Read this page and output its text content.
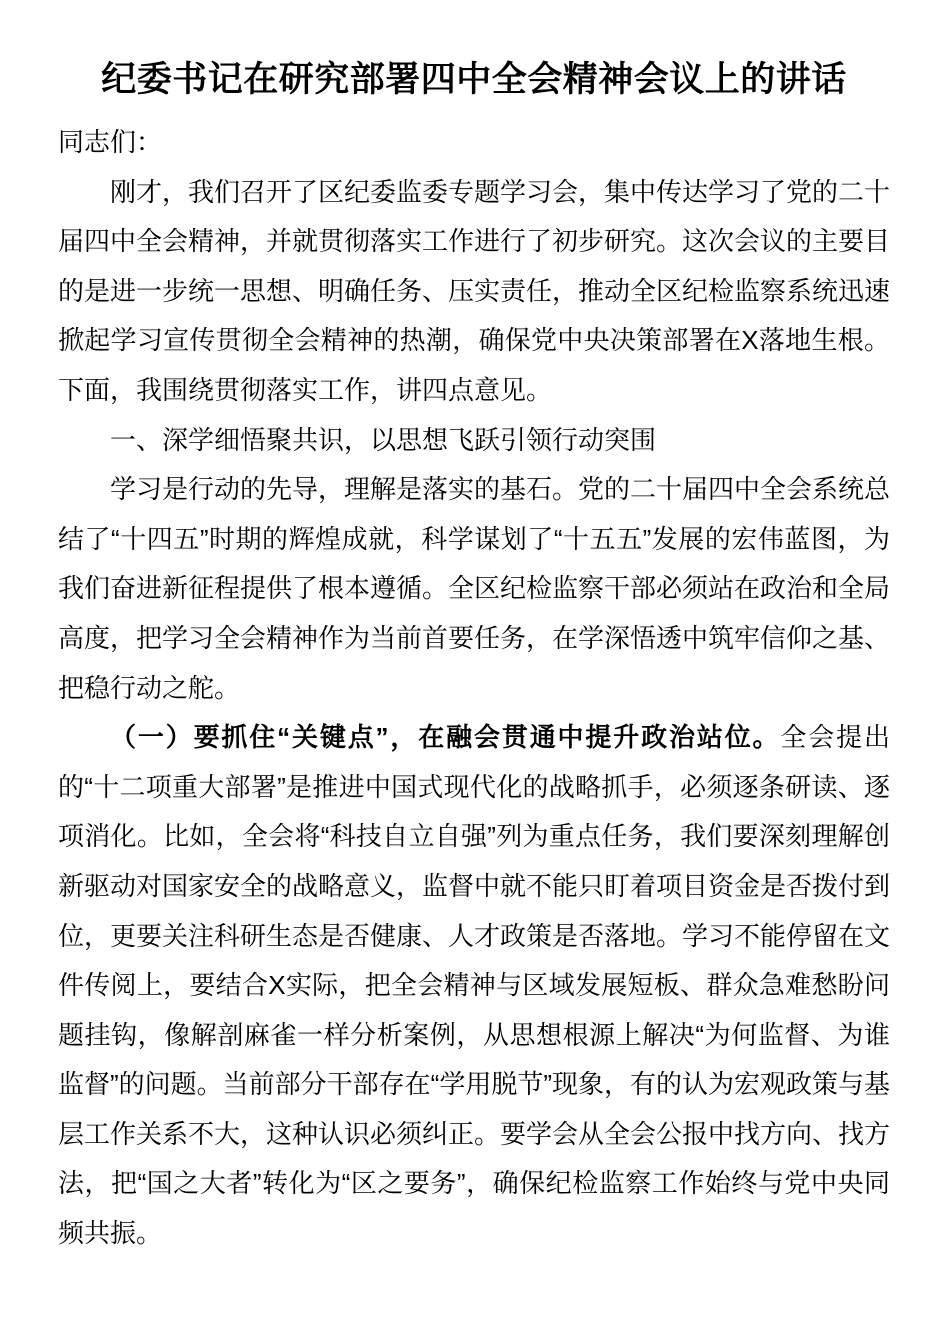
纪委书记在研究部署四中全会精神会议上的讲话

同志们：

刚才，我们召开了区纪委监委专题学习会，集中传达学习了党的二十届四中全会精神，并就贯彻落实工作进行了初步研究。这次会议的主要目的是进一步统一思想、明确任务、压实责任，推动全区纪检监察系统迅速掀起学习宣传贯彻全会精神的热潮，确保党中央决策部署在X落地生根。下面，我围绕贯彻落实工作，讲四点意见。

一、深学细悟聚共识，以思想飞跃引领行动突围

学习是行动的先导，理解是落实的基石。党的二十届四中全会系统总结了“十四五”时期的辉煌成就，科学谋划了“十五五”发展的宏伟蓝图，为我们奋进新征程提供了根本遵循。全区纪检监察干部必须站在政治和全局高度，把学习全会精神作为当前首要任务，在学深悟透中筑牢信仰之基、把稳行动之舵。

（一）要抓住“关键点”，在融会贯通中提升政治站位。全会提出的“十二项重大部署”是推进中国式现代化的战略抓手，必须逐条研读、逐项消化。比如，全会将“科技自立自强”列为重点任务，我们要深刻理解创新驱动对国家安全的战略意义，监督中就不能只盯着项目资金是否拨付到位，更要关注科研生态是否健康、人才政策是否落地。学习不能停留在文件传阅上，要结合X实际，把全会精神与区域发展短板、群众急难愁盼问题挂钩，像解剖麻雀一样分析案例，从思想根源上解决“为何监督、为谁监督”的问题。当前部分干部存在“学用脱节”现象，有的认为宏观政策与基层工作关系不大，这种认识必须纠正。要学会从全会公报中找方向、找方法，把“国之大者”转化为“区之要务”，确保纪检监察工作始终与党中央同频共振。
